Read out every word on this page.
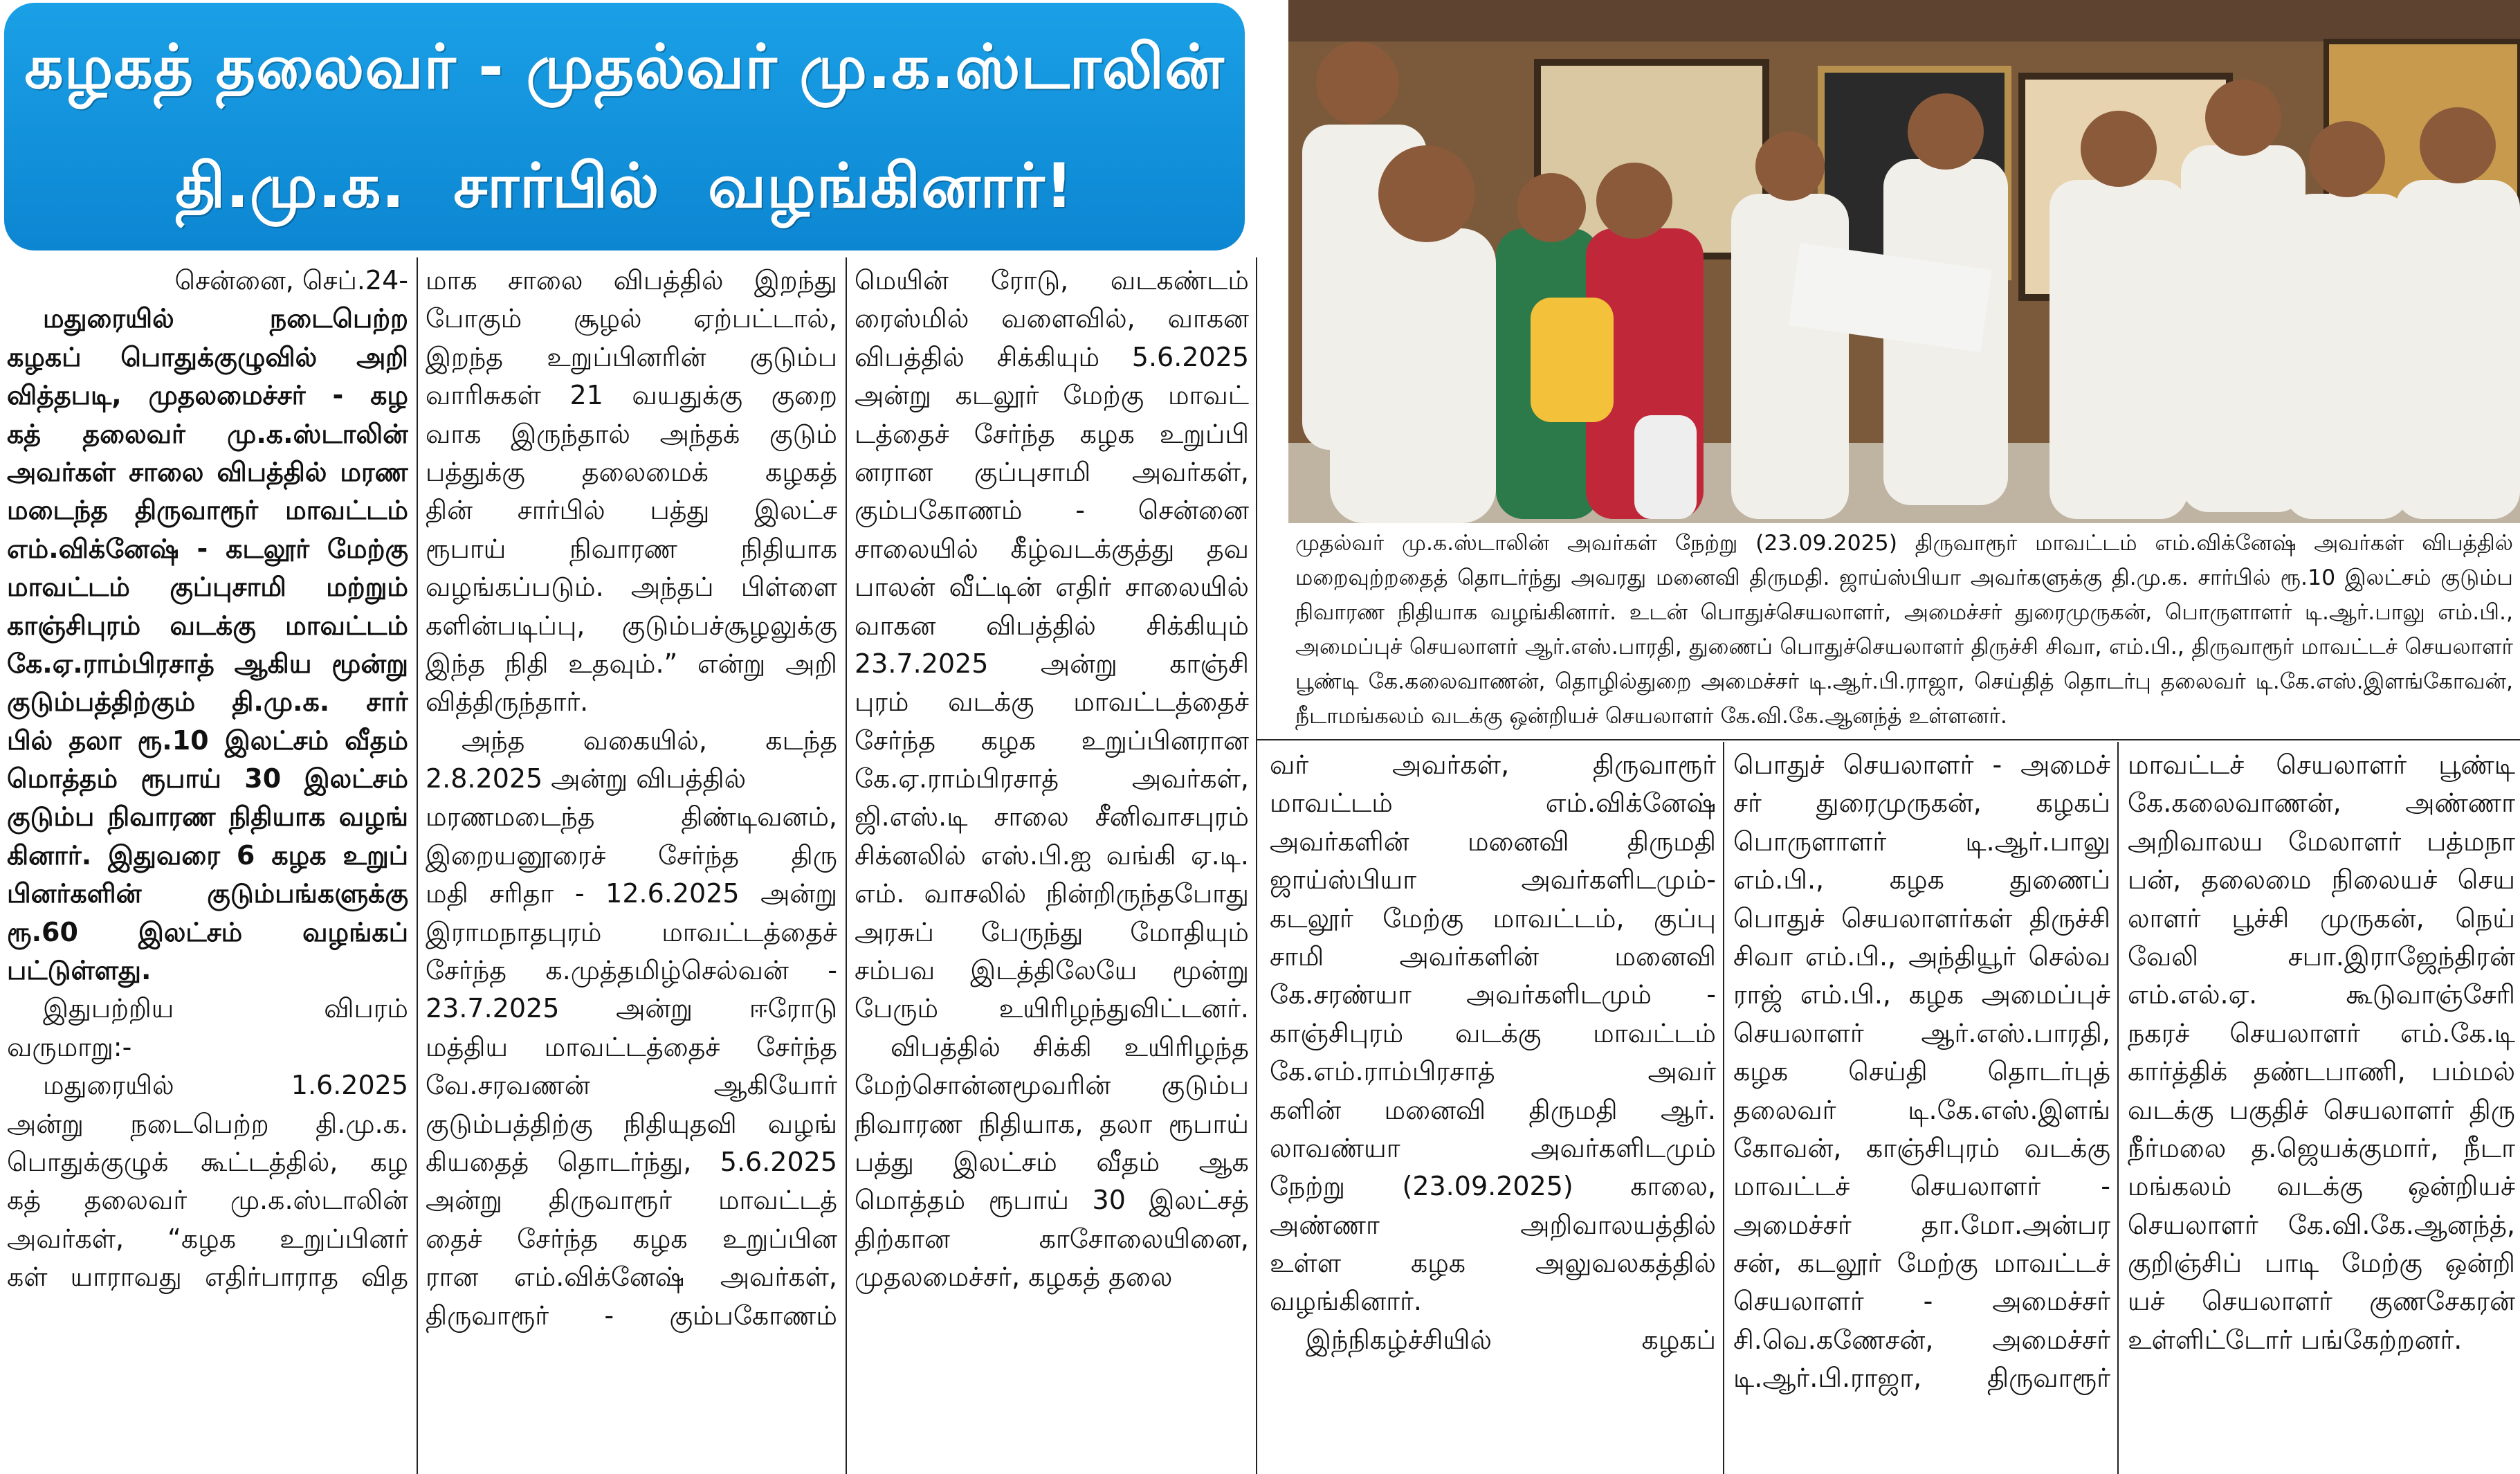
கழகத் தலைவர் - முதல்வர் மு.க.ஸ்டாலின்
தி.மு.க. சார்பில் வழங்கினார்!
முதல்வர் மு.க.ஸ்டாலின் அவர்கள் நேற்று (23.09.2025) திருவாரூர் மாவட்டம் எம்.விக்னேஷ் அவர்கள் விபத்தில்
மறைவுற்றதைத் தொடர்ந்து அவரது மனைவி திருமதி. ஜாய்ஸ்பியா அவர்களுக்கு தி.மு.க. சார்பில் ரூ.10 இலட்சம் குடும்ப
நிவாரண நிதியாக வழங்கினார். உடன் பொதுச்செயலாளர், அமைச்சர் துரைமுருகன், பொருளாளர் டி.ஆர்.பாலு எம்.பி.,
அமைப்புச் செயலாளர் ஆர்.எஸ்.பாரதி, துணைப் பொதுச்செயலாளர் திருச்சி சிவா, எம்.பி., திருவாரூர் மாவட்டச் செயலாளர்
பூண்டி கே.கலைவாணன், தொழில்துறை அமைச்சர் டி.ஆர்.பி.ராஜா, செய்தித் தொடர்பு தலைவர் டி.கே.எஸ்.இளங்கோவன்,
நீடாமங்கலம் வடக்கு ஒன்றியச் செயலாளர் கே.வி.கே.ஆனந்த் உள்ளனர்.
சென்னை, செப்.24-
மதுரையில் நடைபெற்ற
கழகப் பொதுக்குழுவில் அறி
வித்தபடி, முதலமைச்சர் - கழ
கத் தலைவர் மு.க.ஸ்டாலின்
அவர்கள் சாலை விபத்தில் மரண
மடைந்த திருவாரூர் மாவட்டம்
எம்.விக்னேஷ் - கடலூர் மேற்கு
மாவட்டம் குப்புசாமி மற்றும்
காஞ்சிபுரம் வடக்கு மாவட்டம்
கே.ஏ.ராம்பிரசாத் ஆகிய மூன்று
குடும்பத்திற்கும் தி.மு.க. சார்
பில் தலா ரூ.10 இலட்சம் வீதம்
மொத்தம் ரூபாய் 30 இலட்சம்
குடும்ப நிவாரண நிதியாக வழங்
கினார். இதுவரை 6 கழக உறுப்
பினர்களின் குடும்பங்களுக்கு
ரூ.60 இலட்சம் வழங்கப்
பட்டுள்ளது.
இதுபற்றிய விபரம்
வருமாறு:-
மதுரையில் 1.6.2025
அன்று நடைபெற்ற தி.மு.க.
பொதுக்குழுக் கூட்டத்தில், கழ
கத் தலைவர் மு.க.ஸ்டாலின்
அவர்கள், “கழக உறுப்பினர்
கள் யாராவது எதிர்பாராத வித
மாக சாலை விபத்தில் இறந்து
போகும் சூழல் ஏற்பட்டால்,
இறந்த உறுப்பினரின் குடும்ப
வாரிசுகள் 21 வயதுக்கு குறை
வாக இருந்தால் அந்தக் குடும்
பத்துக்கு தலைமைக் கழகத்
தின் சார்பில் பத்து இலட்ச
ரூபாய் நிவாரண நிதியாக
வழங்கப்படும். அந்தப் பிள்ளை
களின்படிப்பு, குடும்பச்சூழலுக்கு
இந்த நிதி உதவும்.” என்று அறி
வித்திருந்தார்.
அந்த வகையில், கடந்த
2.8.2025 அன்று விபத்தில்
மரணமடைந்த திண்டிவனம்,
இறையனூரைச் சேர்ந்த திரு
மதி சரிதா - 12.6.2025 அன்று
இராமநாதபுரம் மாவட்டத்தைச்
சேர்ந்த க.முத்தமிழ்செல்வன் -
23.7.2025 அன்று ஈரோடு
மத்திய மாவட்டத்தைச் சேர்ந்த
வே.சரவணன் ஆகியோர்
குடும்பத்திற்கு நிதியுதவி வழங்
கியதைத் தொடர்ந்து, 5.6.2025
அன்று திருவாரூர் மாவட்டத்
தைச் சேர்ந்த கழக உறுப்பின
ரான எம்.விக்னேஷ் அவர்கள்,
திருவாரூர் - கும்பகோணம்
மெயின் ரோடு, வடகண்டம்
ரைஸ்மில் வளைவில், வாகன
விபத்தில் சிக்கியும் 5.6.2025
அன்று கடலூர் மேற்கு மாவட்
டத்தைச் சேர்ந்த கழக உறுப்பி
னரான குப்புசாமி அவர்கள்,
கும்பகோணம் - சென்னை
சாலையில் கீழ்வடக்குத்து தவ
பாலன் வீட்டின் எதிர் சாலையில்
வாகன விபத்தில் சிக்கியும்
23.7.2025 அன்று காஞ்சி
புரம் வடக்கு மாவட்டத்தைச்
சேர்ந்த கழக உறுப்பினரான
கே.ஏ.ராம்பிரசாத் அவர்கள்,
ஜி.எஸ்.டி சாலை சீனிவாசபுரம்
சிக்னலில் எஸ்.பி.ஐ வங்கி ஏ.டி.
எம். வாசலில் நின்றிருந்தபோது
அரசுப் பேருந்து மோதியும்
சம்பவ இடத்திலேயே மூன்று
பேரும் உயிரிழந்துவிட்டனர்.
விபத்தில் சிக்கி உயிரிழந்த
மேற்சொன்னமூவரின் குடும்ப
நிவாரண நிதியாக, தலா ரூபாய்
பத்து இலட்சம் வீதம் ஆக
மொத்தம் ரூபாய் 30 இலட்சத்
திற்கான காசோலையினை,
முதலமைச்சர், கழகத் தலை
வர் அவர்கள், திருவாரூர்
மாவட்டம் எம்.விக்னேஷ்
அவர்களின் மனைவி திருமதி
ஜாய்ஸ்பியா அவர்களிடமும்-
கடலூர் மேற்கு மாவட்டம், குப்பு
சாமி அவர்களின் மனைவி
கே.சரண்யா அவர்களிடமும் -
காஞ்சிபுரம் வடக்கு மாவட்டம்
கே.எம்.ராம்பிரசாத் அவர்
களின் மனைவி திருமதி ஆர்.
லாவண்யா அவர்களிடமும்
நேற்று (23.09.2025) காலை,
அண்ணா அறிவாலயத்தில்
உள்ள கழக அலுவலகத்தில்
வழங்கினார்.
இந்நிகழ்ச்சியில் கழகப்
பொதுச் செயலாளர் - அமைச்
சர் துரைமுருகன், கழகப்
பொருளாளர் டி.ஆர்.பாலு
எம்.பி., கழக துணைப்
பொதுச் செயலாளர்கள் திருச்சி
சிவா எம்.பி., அந்தியூர் செல்வ
ராஜ் எம்.பி., கழக அமைப்புச்
செயலாளர் ஆர்.எஸ்.பாரதி,
கழக செய்தி தொடர்புத்
தலைவர் டி.கே.எஸ்.இளங்
கோவன், காஞ்சிபுரம் வடக்கு
மாவட்டச் செயலாளர் -
அமைச்சர் தா.மோ.அன்பர
சன், கடலூர் மேற்கு மாவட்டச்
செயலாளர் - அமைச்சர்
சி.வெ.கணேசன், அமைச்சர்
டி.ஆர்.பி.ராஜா, திருவாரூர்
மாவட்டச் செயலாளர் பூண்டி
கே.கலைவாணன், அண்ணா
அறிவாலய மேலாளர் பத்மநா
பன், தலைமை நிலையச் செய
லாளர் பூச்சி முருகன், நெய்
வேலி சபா.இராஜேந்திரன்
எம்.எல்.ஏ. கூடுவாஞ்சேரி
நகரச் செயலாளர் எம்.கே.டி
கார்த்திக் தண்டபாணி, பம்மல்
வடக்கு பகுதிச் செயலாளர் திரு
நீர்மலை த.ஜெயக்குமார், நீடா
மங்கலம் வடக்கு ஒன்றியச்
செயலாளர் கே.வி.கே.ஆனந்த்,
குறிஞ்சிப் பாடி மேற்கு ஒன்றி
யச் செயலாளர் குணசேகரன்
உள்ளிட்டோர் பங்கேற்றனர்.
